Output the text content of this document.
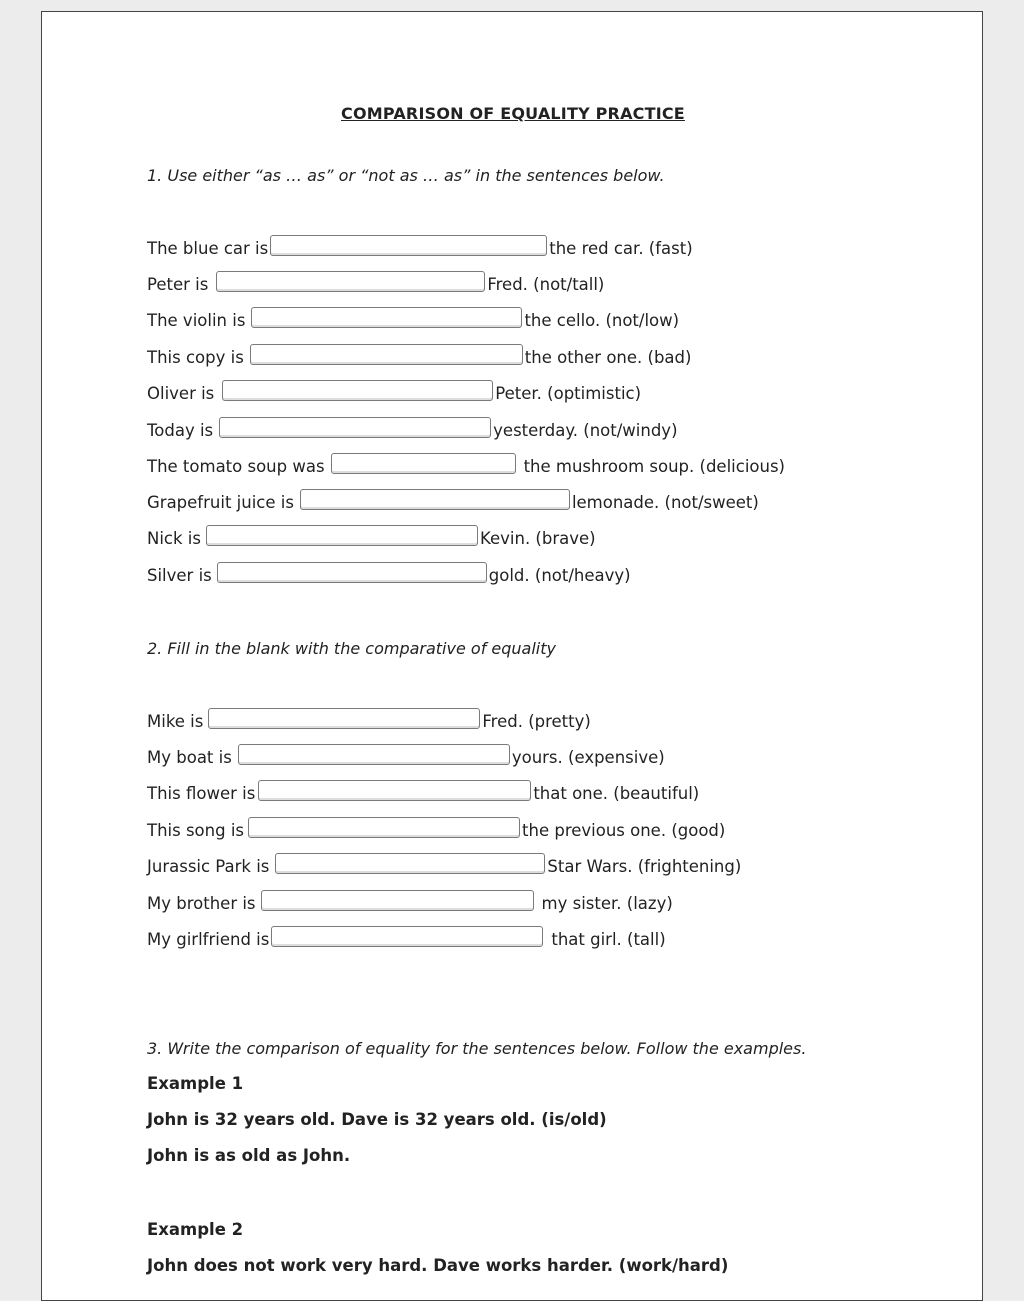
COMPARISON OF EQUALITY PRACTICE
1. Use either “as … as” or “not as … as” in the sentences below.
The blue car is	the red car. (fast)
Peter is	Fred. (not/tall)
The violin is	the cello. (not/low)
This copy is	the other one. (bad)
Oliver is	Peter. (optimistic)
Today is	yesterday. (not/windy)
The tomato soup was	the mushroom soup. (delicious)
Grapefruit juice is	lemonade. (not/sweet)
Nick is	Kevin. (brave)
Silver is	gold. (not/heavy)
2. Fill in the blank with the comparative of equality
Mike is	Fred. (pretty)
My boat is	yours. (expensive)
This flower is	that one. (beautiful)
This song is	the previous one. (good)
Jurassic Park is	Star Wars. (frightening)
My brother is	my sister. (lazy)
My girlfriend is	that girl. (tall)
3. Write the comparison of equality for the sentences below. Follow the examples.
Example 1
John is 32 years old. Dave is 32 years old. (is/old)
John is as old as John.
Example 2
John does not work very hard. Dave works harder. (work/hard)
